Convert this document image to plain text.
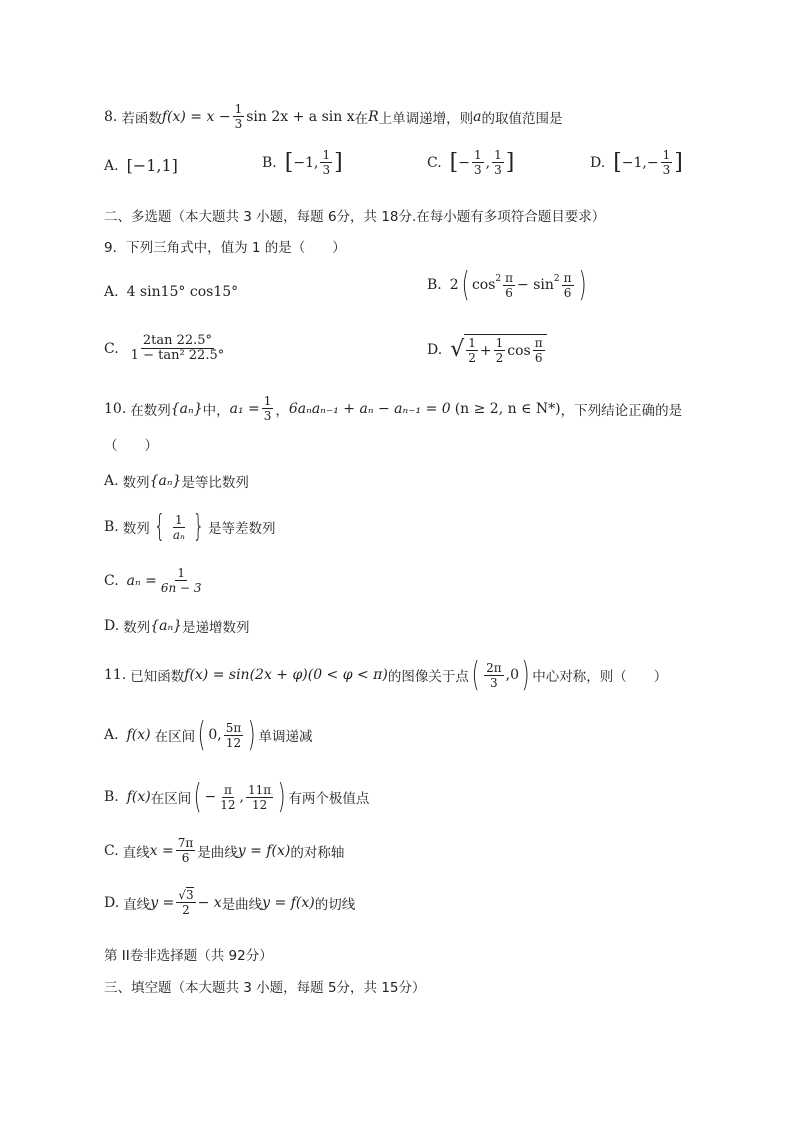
8. 若函数 $f(x) = x - \frac{1}{3}$ sin 2x + a sin x 在 R 上单调递增，则 a 的取值范围是
A. [−1,1]	B. [ −1, $\frac{1}{3}$ ]	C. [ − $\frac{1}{3}$ , $\frac{1}{3}$ ]	D. [ $-1,- \frac{1}{3}$ ]
二、多选题（本大题共 3 小题，每题 6分，共 18分.在每小题有多项符合题目要求）
9．下列三角式中，值为 1 的是（　　）
A. 4 sin15° cos15°	B. 2 ( $\cos 2 \frac{\pi}{6} - \sin 2 \frac{\pi}{6}$ )
C. $\frac{2\tan 22.5^\circ}{\text{1 − tan² 22.5°}}$	D. √ $\frac{1}{2} + \frac{1}{2}$ $\cos \frac{\pi}{6}$
10. 在数列 {aₙ} 中， $a_1 = \frac{1}{3}$ ， 6aₙaₙ₋₁ + aₙ − aₙ₋₁ = 0 (n ≥ 2, n ∈ N*) ，下列结论正确的是
（　　）
A. 数列 {aₙ} 是等比数列
B. 数列 { $\frac{1}{\text{aₙ}}$ } 是等差数列
C. $a_n = \frac{1}{6n - 3}$
D. 数列 {aₙ} 是递增数列
11. 已知函数 f(x) = sin(2x + φ)(0 < φ < π) 的图像关于点 ( $\frac{2\pi}{3} ,0$ ) 中心对称，则（　　）
A. f(x) 在区间 ( 0, $\frac{5\pi}{12}$ ) 单调递减
B. f(x) 在区间 ( − $\frac{\pi}{12}$ , $\frac{11\pi}{12}$ ) 有两个极值点
C. 直线 $x = \frac{7\pi}{6}$ 是曲线 y = f(x) 的对称轴
D. 直线 $y = \frac{√3}{2} - x$ 是曲线 y = f(x) 的切线
第 II卷非选择题（共 92分）
三、填空题（本大题共 3 小题，每题 5分，共 15分）
